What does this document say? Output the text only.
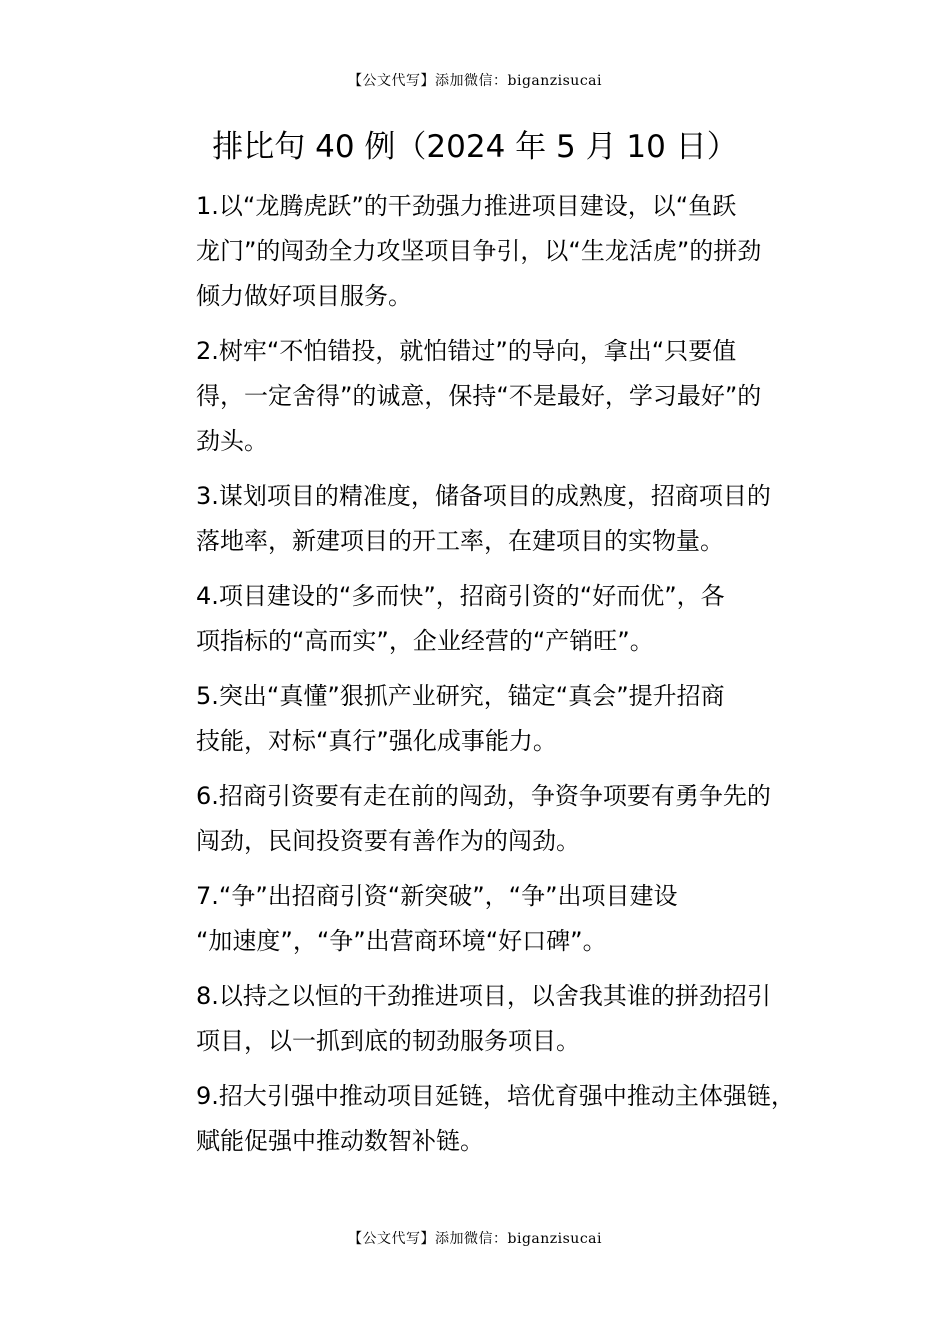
【公文代写】添加微信：biganzisucai
排比句 40 例（2024 年 5 月 10 日）

1.以“龙腾虎跃”的干劲强力推进项目建设，以“鱼跃
龙门”的闯劲全力攻坚项目争引，以“生龙活虎”的拼劲
倾力做好项目服务。

2.树牢“不怕错投，就怕错过”的导向，拿出“只要值
得，一定舍得”的诚意，保持“不是最好，学习最好”的
劲头。

3.谋划项目的精准度，储备项目的成熟度，招商项目的
落地率，新建项目的开工率，在建项目的实物量。

4.项目建设的“多而快”，招商引资的“好而优”，各
项指标的“高而实”，企业经营的“产销旺”。

5.突出“真懂”狠抓产业研究，锚定“真会”提升招商
技能，对标“真行”强化成事能力。

6.招商引资要有走在前的闯劲，争资争项要有勇争先的
闯劲，民间投资要有善作为的闯劲。

7.“争”出招商引资“新突破”，“争”出项目建设
“加速度”，“争”出营商环境“好口碑”。

8.以持之以恒的干劲推进项目，以舍我其谁的拼劲招引
项目，以一抓到底的韧劲服务项目。

9.招大引强中推动项目延链，培优育强中推动主体强链，
赋能促强中推动数智补链。

【公文代写】添加微信：biganzisucai
